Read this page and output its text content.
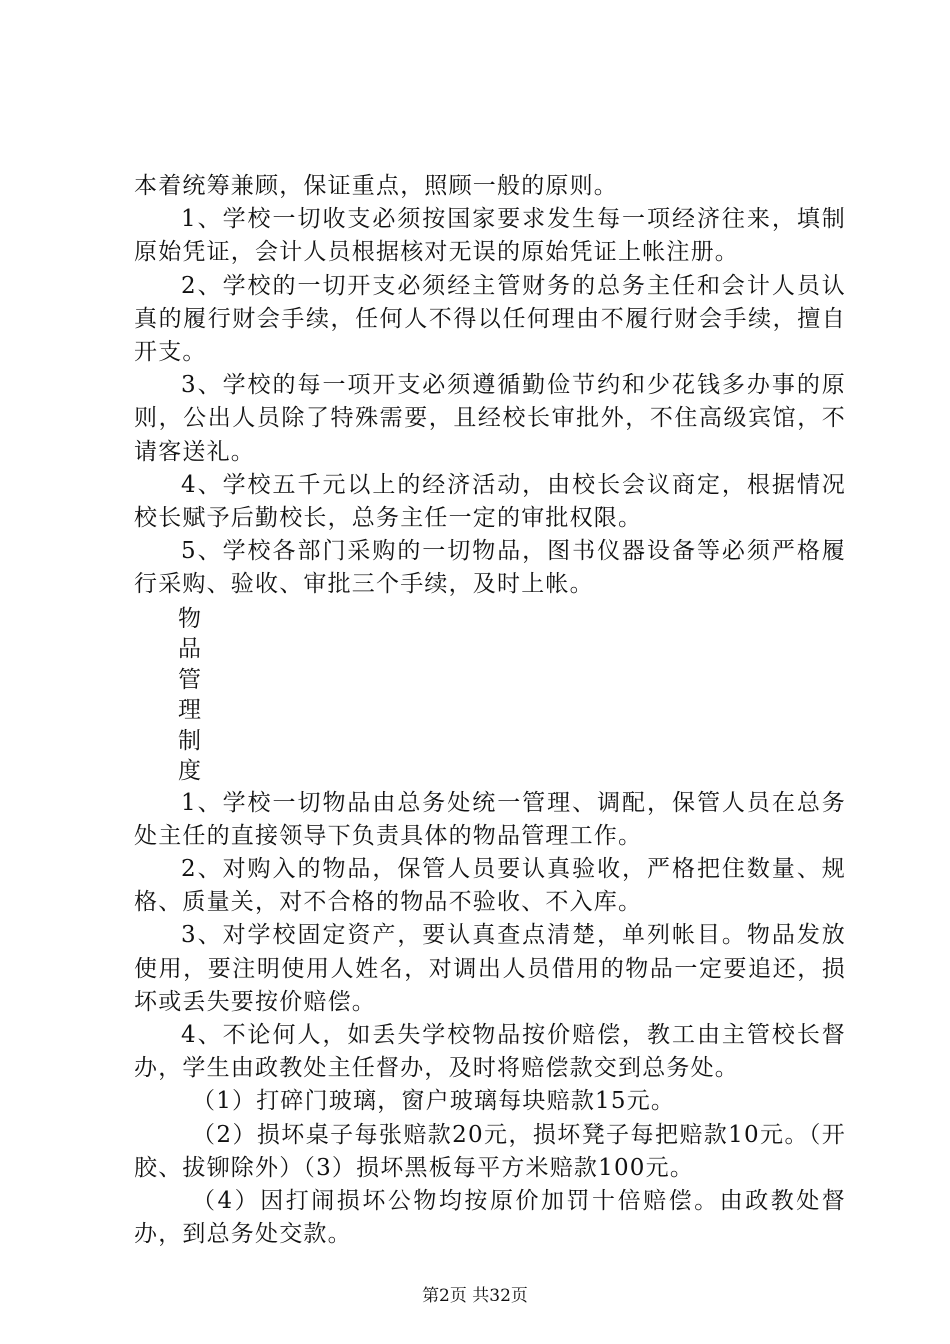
本着统筹兼顾，保证重点，照顾一般的原则。

1、学校一切收支必须按国家要求发生每一项经济往来，填制原始凭证，会计人员根据核对无误的原始凭证上帐注册。

2、学校的一切开支必须经主管财务的总务主任和会计人员认真的履行财会手续，任何人不得以任何理由不履行财会手续，擅自开支。

3、学校的每一项开支必须遵循勤俭节约和少花钱多办事的原则，公出人员除了特殊需要，且经校长审批外，不住高级宾馆，不请客送礼。

4、学校五千元以上的经济活动，由校长会议商定，根据情况校长赋予后勤校长，总务主任一定的审批权限。

5、学校各部门采购的一切物品，图书仪器设备等必须严格履行采购、验收、审批三个手续，及时上帐。

物
品
管
理
制
度

1、学校一切物品由总务处统一管理、调配，保管人员在总务处主任的直接领导下负责具体的物品管理工作。

2、对购入的物品，保管人员要认真验收，严格把住数量、规格、质量关，对不合格的物品不验收、不入库。

3、对学校固定资产，要认真查点清楚，单列帐目。物品发放使用，要注明使用人姓名，对调出人员借用的物品一定要追还，损坏或丢失要按价赔偿。

4、不论何人，如丢失学校物品按价赔偿，教工由主管校长督办，学生由政教处主任督办，及时将赔偿款交到总务处。

（1）打碎门玻璃，窗户玻璃每块赔款15元。

（2）损坏桌子每张赔款20元，损坏凳子每把赔款10元。（开胶、拔铆除外）（3）损坏黑板每平方米赔款100元。

（4）因打闹损坏公物均按原价加罚十倍赔偿。由政教处督办，到总务处交款。

第2页 共32页
